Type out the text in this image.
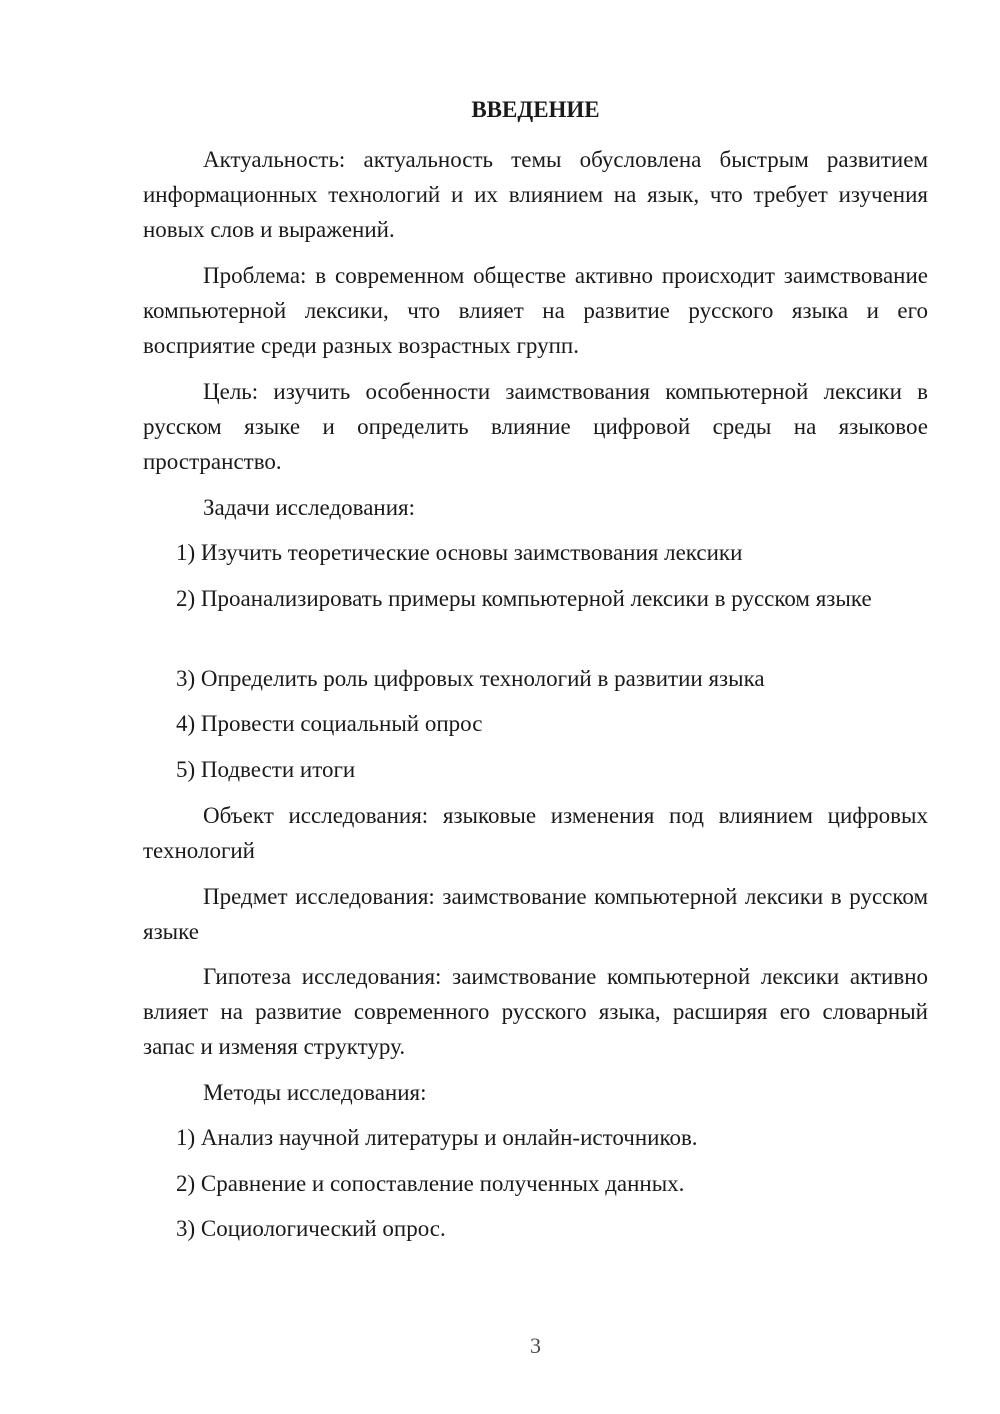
ВВЕДЕНИЕ

Актуальность: актуальность темы обусловлена быстрым развитием информационных технологий и их влиянием на язык, что требует изучения новых слов и выражений.

Проблема: в современном обществе активно происходит заимствование компьютерной лексики, что влияет на развитие русского языка и его восприятие среди разных возрастных групп.

Цель: изучить особенности заимствования компьютерной лексики в русском языке и определить влияние цифровой среды на языковое пространство.

Задачи исследования:

1) Изучить теоретические основы заимствования лексики

2) Проанализировать примеры компьютерной лексики в русском языке

3) Определить роль цифровых технологий в развитии языка

4) Провести социальный опрос

5) Подвести итоги

Объект исследования: языковые изменения под влиянием цифровых технологий

Предмет исследования: заимствование компьютерной лексики в русском языке

Гипотеза исследования: заимствование компьютерной лексики активно влияет на развитие современного русского языка, расширяя его словарный запас и изменяя структуру.

Методы исследования:

1) Анализ научной литературы и онлайн-источников.

2) Сравнение и сопоставление полученных данных.

3) Социологический опрос.

3
